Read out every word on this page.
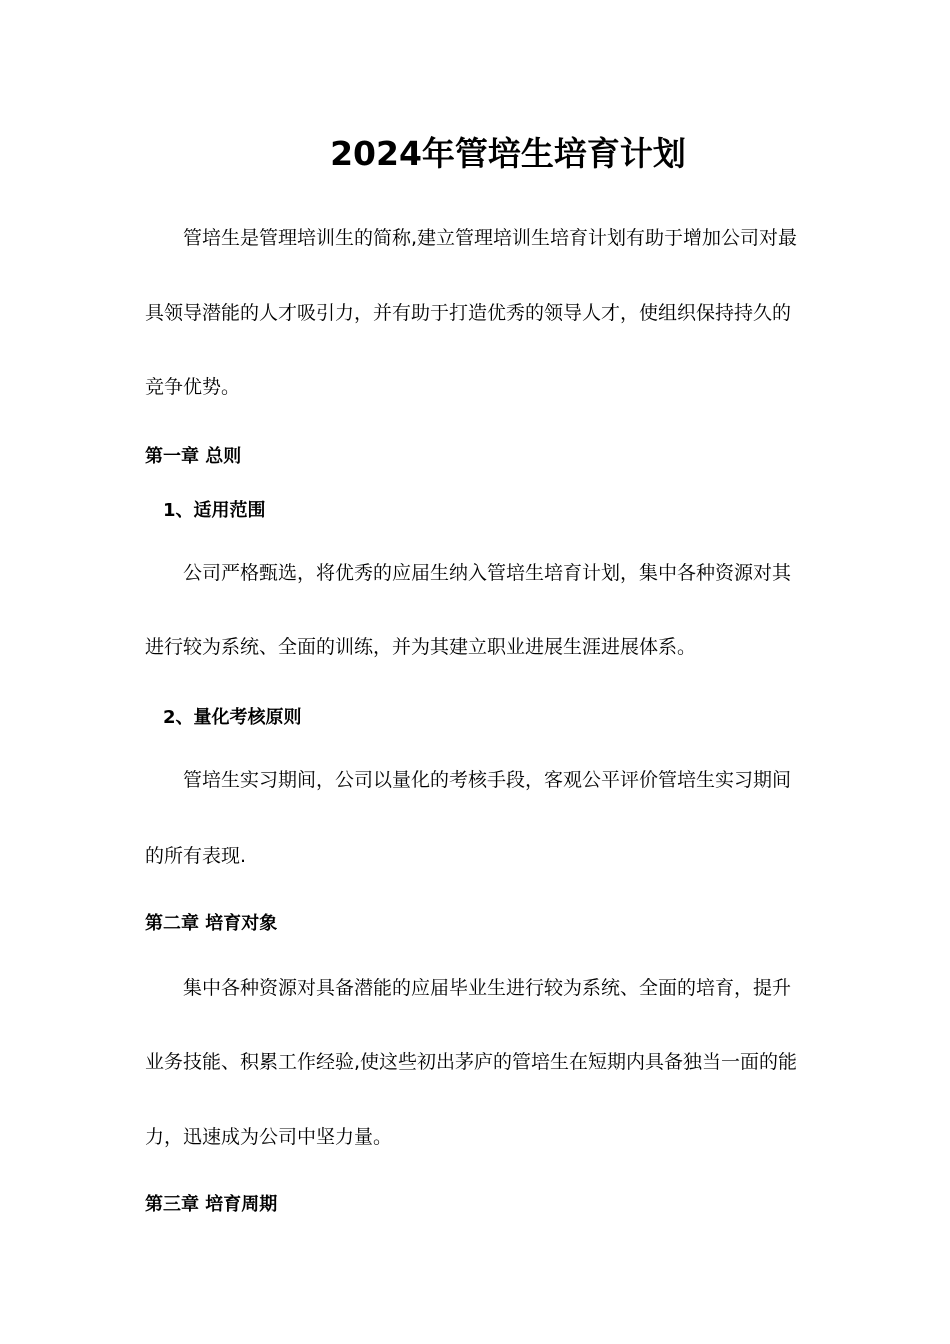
2024年管培生培育计划
管培生是管理培训生的简称,建立管理培训生培育计划有助于增加公司对最
具领导潜能的人才吸引力，并有助于打造优秀的领导人才，使组织保持持久的
竞争优势。
第一章 总则
1、适用范围
公司严格甄选，将优秀的应届生纳入管培生培育计划，集中各种资源对其
进行较为系统、全面的训练，并为其建立职业进展生涯进展体系。
2、量化考核原则
管培生实习期间，公司以量化的考核手段，客观公平评价管培生实习期间
的所有表现.
第二章 培育对象
集中各种资源对具备潜能的应届毕业生进行较为系统、全面的培育，提升
业务技能、积累工作经验,使这些初出茅庐的管培生在短期内具备独当一面的能
力，迅速成为公司中坚力量。
第三章 培育周期
